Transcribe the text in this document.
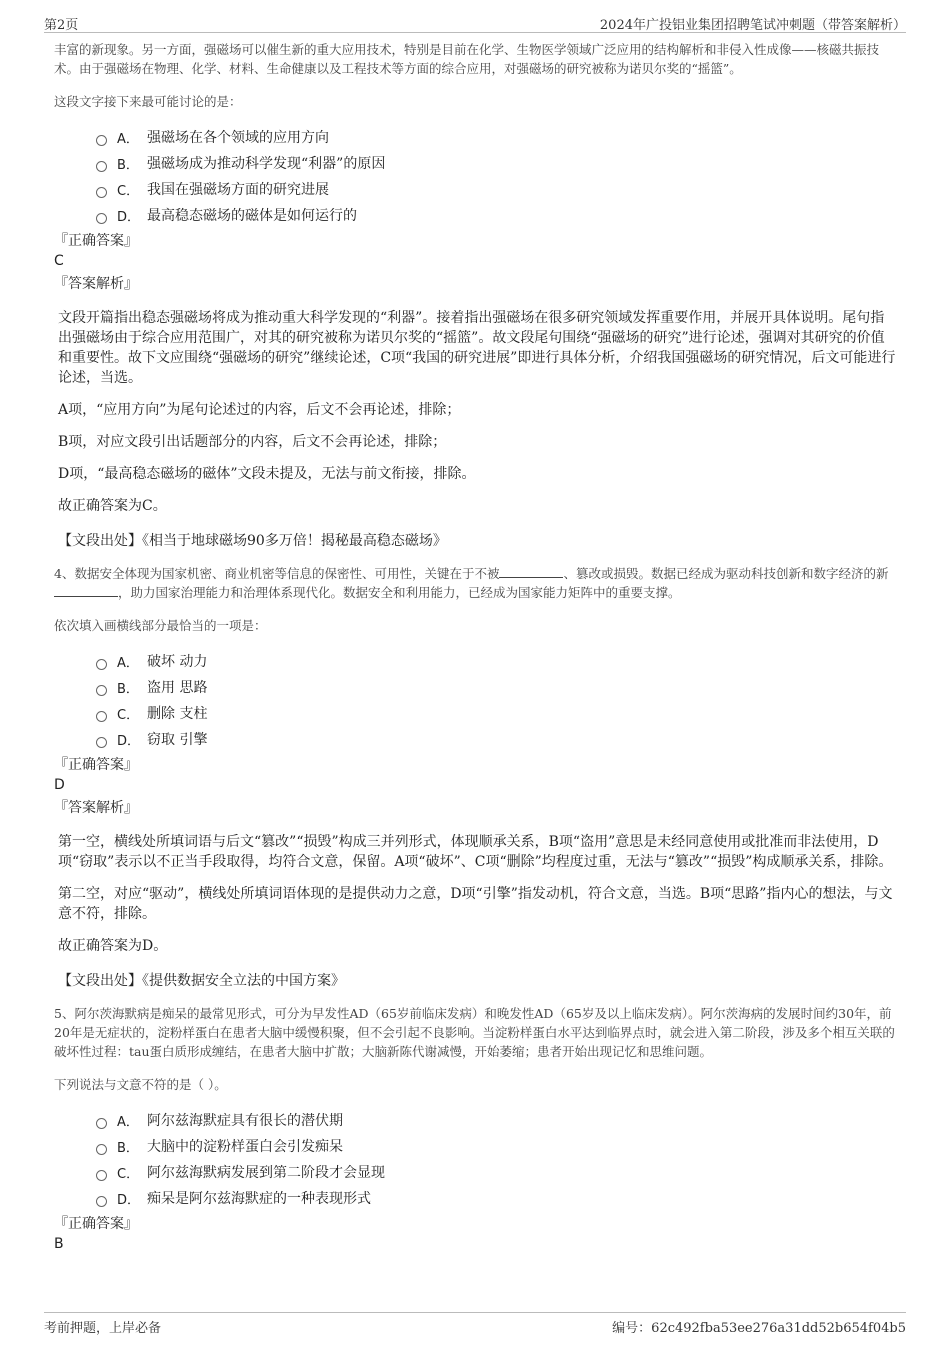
第2页	2024年广投铝业集团招聘笔试冲刺题（带答案解析）
丰富的新现象。另一方面，强磁场可以催生新的重大应用技术，特别是目前在化学、生物医学领域广泛应用的结构解析和非侵入性成像——核磁共振技术。由于强磁场在物理、化学、材料、生命健康以及工程技术等方面的综合应用，对强磁场的研究被称为诺贝尔奖的“摇篮”。
这段文字接下来最可能讨论的是：
A． 强磁场在各个领域的应用方向
B． 强磁场成为推动科学发现“利器”的原因
C． 我国在强磁场方面的研究进展
D． 最高稳态磁场的磁体是如何运行的
『正确答案』
C
『答案解析』
文段开篇指出稳态强磁场将成为推动重大科学发现的“利器”。接着指出强磁场在很多研究领域发挥重要作用，并展开具体说明。尾句指出强磁场由于综合应用范围广，对其的研究被称为诺贝尔奖的“摇篮”。故文段尾句围绕“强磁场的研究”进行论述，强调对其研究的价值和重要性。故下文应围绕“强磁场的研究”继续论述，C项“我国的研究进展”即进行具体分析，介绍我国强磁场的研究情况，后文可能进行论述，当选。
A项，“应用方向”为尾句论述过的内容，后文不会再论述，排除；
B项，对应文段引出话题部分的内容，后文不会再论述，排除；
D项，“最高稳态磁场的磁体”文段未提及，无法与前文衔接，排除。
故正确答案为C。
【文段出处】《相当于地球磁场90多万倍！揭秘最高稳态磁场》
4、数据安全体现为国家机密、商业机密等信息的保密性、可用性，关键在于不被	、篡改或损毁。数据已经成为驱动科技创新和数字经济的新，助力国家治理能力和治理体系现代化。数据安全和利用能力，已经成为国家能力矩阵中的重要支撑。
依次填入画横线部分最恰当的一项是：
A． 破坏 动力
B． 盗用 思路
C． 删除 支柱
D． 窃取 引擎
『正确答案』
D
『答案解析』
第一空，横线处所填词语与后文“篡改”“损毁”构成三并列形式，体现顺承关系，B项“盗用”意思是未经同意使用或批准而非法使用，D项“窃取”表示以不正当手段取得，均符合文意，保留。A项“破坏”、C项“删除”均程度过重，无法与“篡改”“损毁”构成顺承关系，排除。
第二空，对应“驱动”，横线处所填词语体现的是提供动力之意，D项“引擎”指发动机，符合文意，当选。B项“思路”指内心的想法，与文意不符，排除。
故正确答案为D。
【文段出处】《提供数据安全立法的中国方案》
5、阿尔茨海默病是痴呆的最常见形式，可分为早发性AD（65岁前临床发病）和晚发性AD（65岁及以上临床发病）。阿尔茨海病的发展时间约30年，前20年是无症状的，淀粉样蛋白在患者大脑中缓慢积聚，但不会引起不良影响。当淀粉样蛋白水平达到临界点时，就会进入第二阶段，涉及多个相互关联的破坏性过程：tau蛋白质形成缠结，在患者大脑中扩散；大脑新陈代谢减慢，开始萎缩；患者开始出现记忆和思维问题。
下列说法与文意不符的是（ ）。
A． 阿尔兹海默症具有很长的潜伏期
B． 大脑中的淀粉样蛋白会引发痴呆
C． 阿尔兹海默病发展到第二阶段才会显现
D． 痴呆是阿尔兹海默症的一种表现形式
『正确答案』
B
考前押题，上岸必备	编号：62c492fba53ee276a31dd52b654f04b5
